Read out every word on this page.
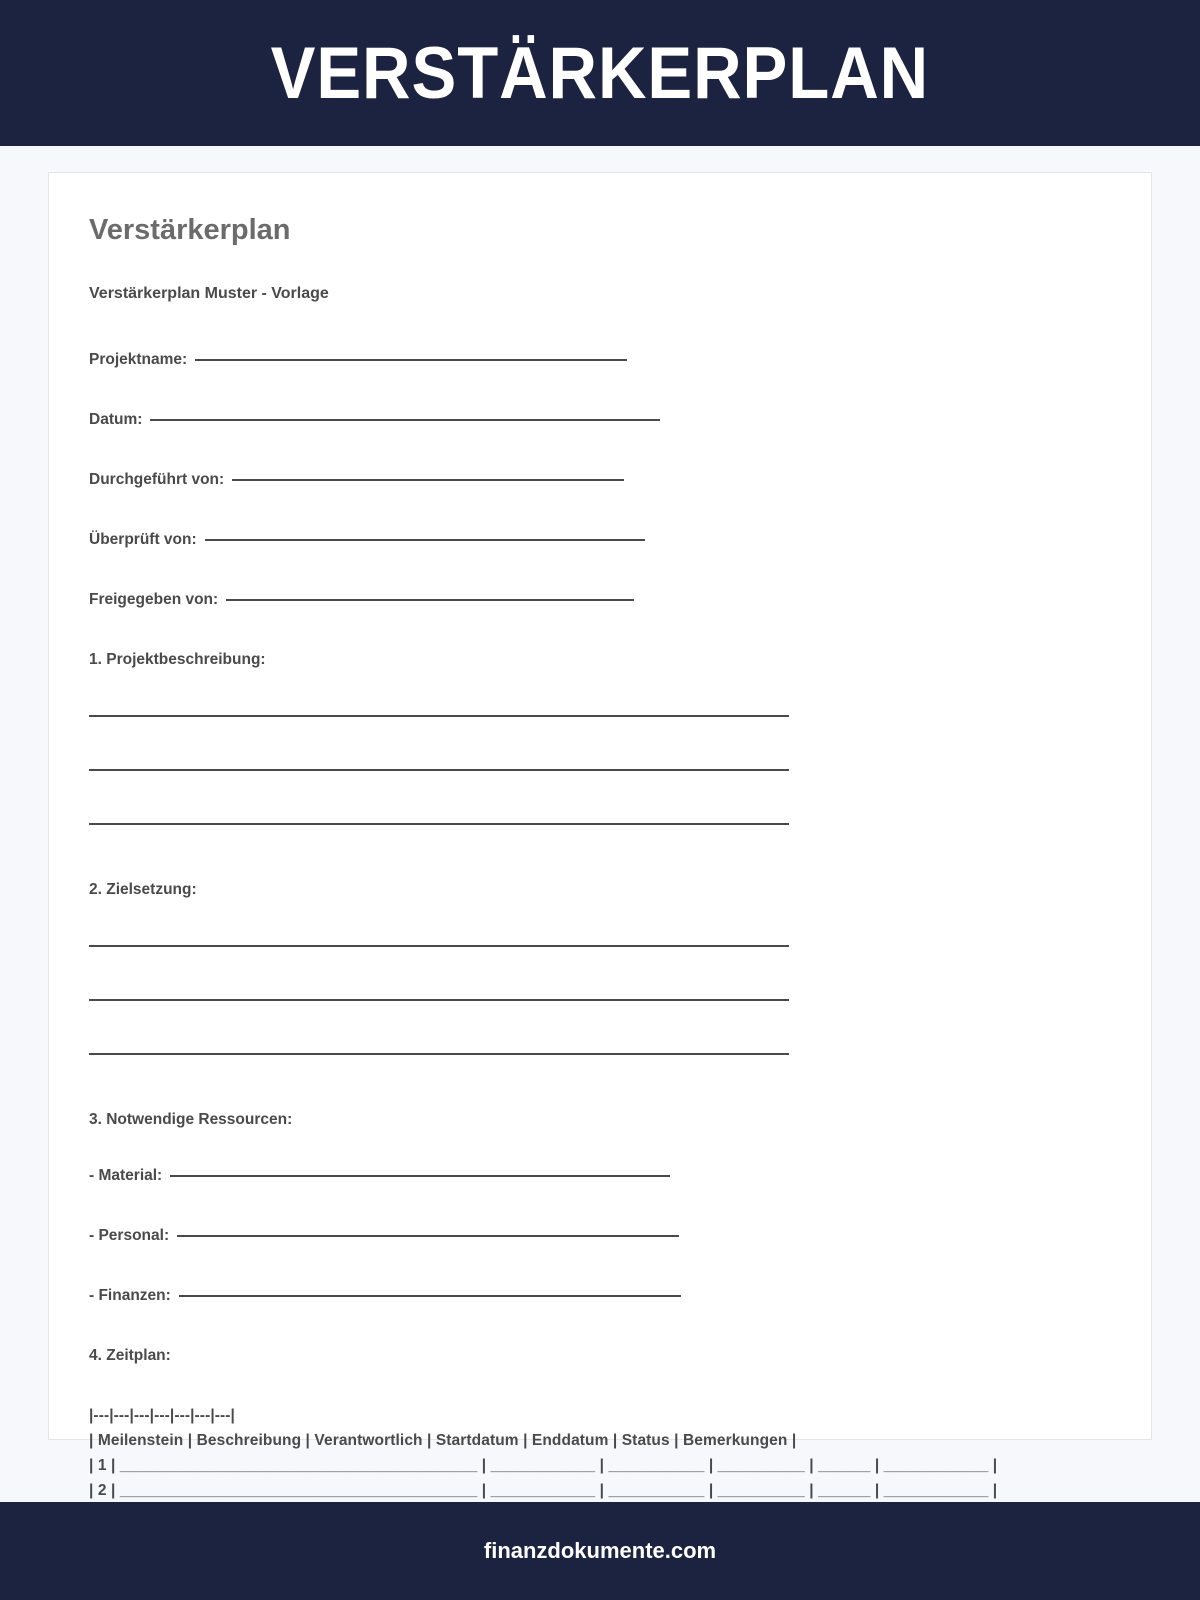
VERSTÄRKERPLAN
Verstärkerplan

Verstärkerplan Muster - Vorlage

Projektname:
Datum:
Durchgeführt von:
Überprüft von:
Freigegeben von:
1. Projektbeschreibung:
2. Zielsetzung:
3. Notwendige Ressourcen:
- Material:
- Personal:
- Finanzen:
4. Zeitplan:
|---|---|---|---|---|---|---|
| Meilenstein | Beschreibung | Verantwortlich | Startdatum | Enddatum | Status | Bemerkungen |
| 1 | _________________________________________ | ____________ | ___________ | __________ | ______ | ____________ |
| 2 | _________________________________________ | ____________ | ___________ | __________ | ______ | ____________ |

finanzdokumente.com
